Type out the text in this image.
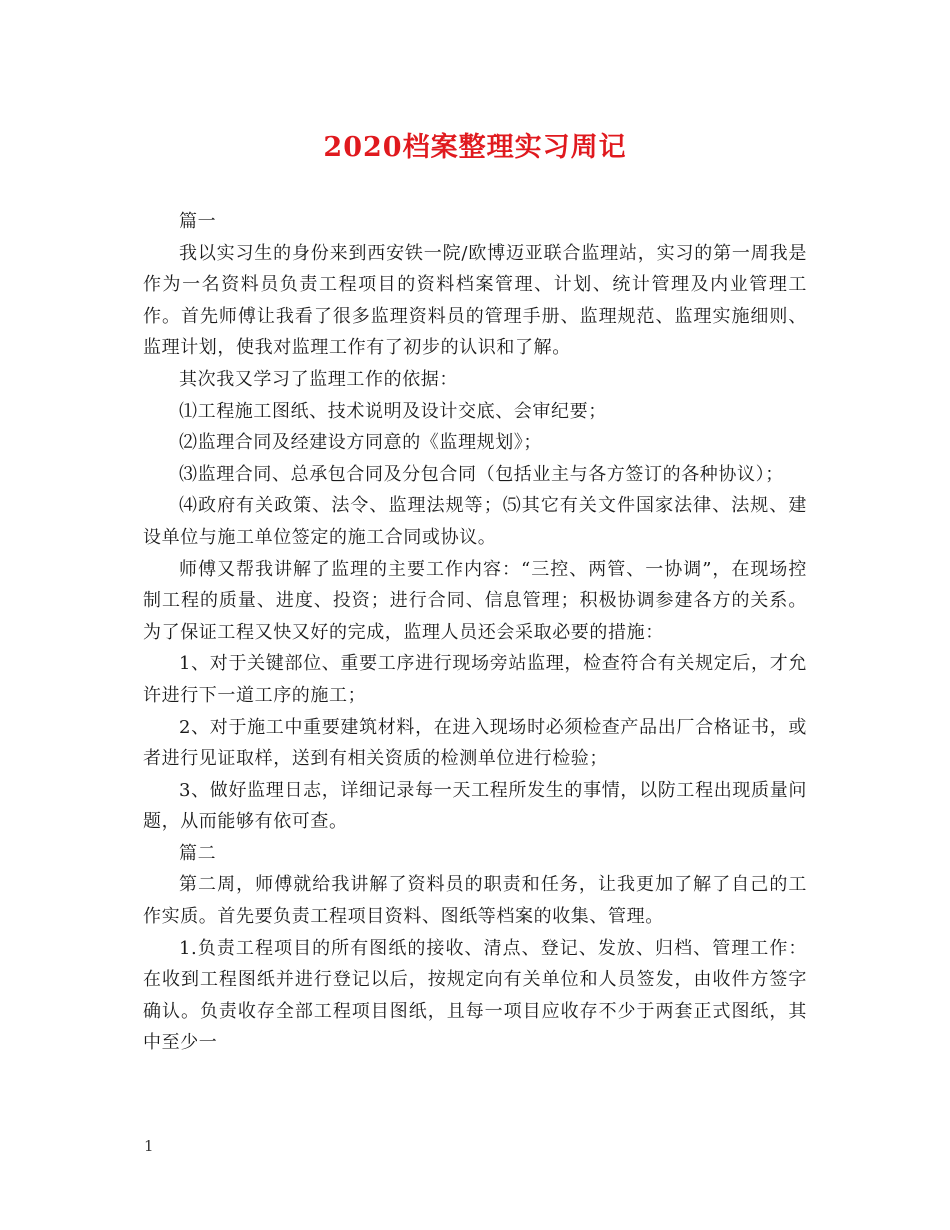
2020档案整理实习周记

篇一

我以实习生的身份来到西安铁一院/欧博迈亚联合监理站，实习的第一周我是作为一名资料员负责工程项目的资料档案管理、计划、统计管理及内业管理工作。首先师傅让我看了很多监理资料员的管理手册、监理规范、监理实施细则、监理计划，使我对监理工作有了初步的认识和了解。

其次我又学习了监理工作的依据：

⑴工程施工图纸、技术说明及设计交底、会审纪要；

⑵监理合同及经建设方同意的《监理规划》；

⑶监理合同、总承包合同及分包合同（包括业主与各方签订的各种协议）；

⑷政府有关政策、法令、监理法规等；⑸其它有关文件国家法律、法规、建设单位与施工单位签定的施工合同或协议。

师傅又帮我讲解了监理的主要工作内容：“三控、两管、一协调”，在现场控制工程的质量、进度、投资；进行合同、信息管理；积极协调参建各方的关系。为了保证工程又快又好的完成，监理人员还会采取必要的措施：

1、对于关键部位、重要工序进行现场旁站监理，检查符合有关规定后，才允许进行下一道工序的施工；

2、对于施工中重要建筑材料，在进入现场时必须检查产品出厂合格证书，或者进行见证取样，送到有相关资质的检测单位进行检验；

3、做好监理日志，详细记录每一天工程所发生的事情，以防工程出现质量问题，从而能够有依可查。

篇二

第二周，师傅就给我讲解了资料员的职责和任务，让我更加了解了自己的工作实质。首先要负责工程项目资料、图纸等档案的收集、管理。

1.负责工程项目的所有图纸的接收、清点、登记、发放、归档、管理工作：在收到工程图纸并进行登记以后，按规定向有关单位和人员签发，由收件方签字确认。负责收存全部工程项目图纸，且每一项目应收存不少于两套正式图纸，其中至少一

1
